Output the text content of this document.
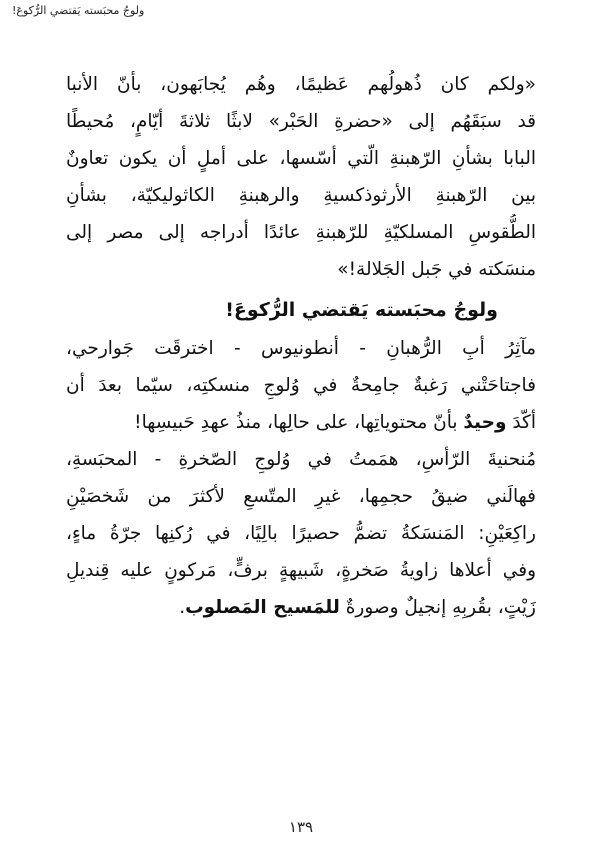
ولوجُ محبَسته يَقتضي الرُّكوعَ!
«ولكم كان ذُهولُهم عَظيمًا، وهُم يُجابَهون، بأنّ الأنبا
قد سبَقَهُم إلى «حضرةِ الحَبْر» لابثًا ثلاثةَ أيّامٍ، مُحيطًا
البابا بشأنِ الرّهبنةِ الّتي أسّسها، على أملٍ أن يكون تعاونٌ
بين الرّهبنةِ الأرثوذكسيةِ والرهبنةِ الكاثوليكيّة، بشأنِ
الطُّقوسِ المسلكيّةِ للرّهبنةِ عائدًا أدراجه إلى مصر إلى
منسَكته في جَبل الجَلالة!»
ولوجُ محبَسته يَقتضي الرُّكوعَ!
مآثِرُ أبِ الرُّهبانِ - أنطونيوس - اخترقَت جَوارحي،
فاجتاحَتْني رَغبةٌ جامِحةٌ في وُلوجِ منسكتِه، سيّما بعدَ أن
أكّدَ وحيدٌ بأنّ محتوياتِها، على حالِها، منذُ عهدِ حَبيسِها!
مُنحنيةَ الرّأسِ، همَمتُ في وُلوجِ الصّخرةِ - المحبَسةِ،
فهالَني ضيقُ حجمِها، غيرِ المتّسعِ لأكثرَ من شَخصَيْنِ
راكِعَيْنِ: المَنسَكةُ تضمُّ حصيرًا بالِيًا، في رُكنِها جرّةُ ماءٍ،
وفي أعلاها زاويةُ صَخرةٍ، شَبيهةٍ برفٍّ، مَركونٍ عليه قِنديلِ
زَيْتٍ، بقُربِهِ إنجيلٌ وصورةٌ للمَسيح المَصلوب.
١٣٩
